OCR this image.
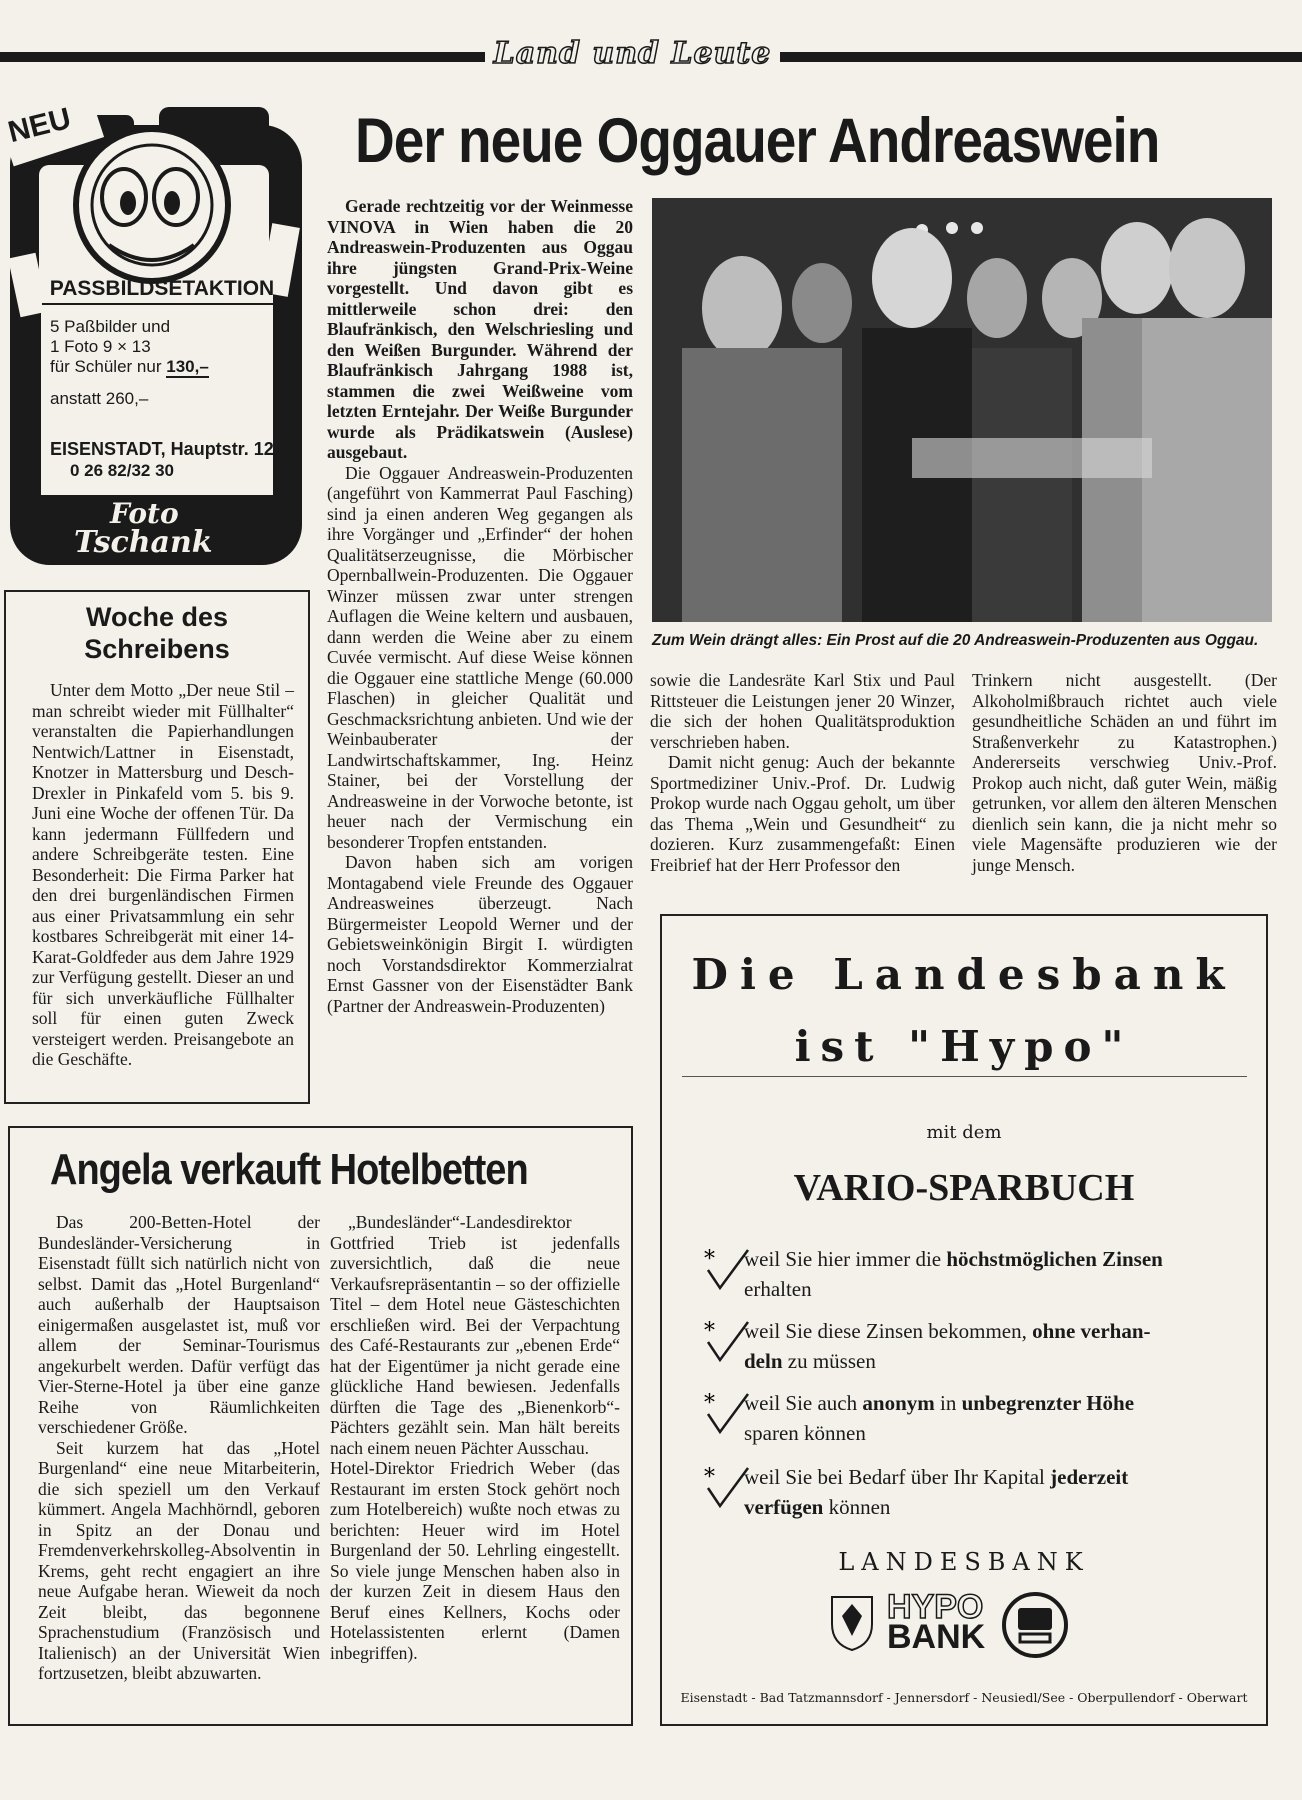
Land und Leute
NEU
PASSBILDSETAKTION
5 Paßbilder und
1 Foto 9 × 13
für Schüler nur 130,–
anstatt 260,–
EISENSTADT, Hauptstr. 12
0 26 82/32 30
Foto
Tschank
Woche des
Schreibens

Unter dem Motto „Der neue Stil – man schreibt wieder mit Füllhalter“ veranstalten die Papierhandlungen Nentwich/Lattner in Eisenstadt, Knotzer in Mattersburg und Desch-Drexler in Pinkafeld vom 5. bis 9. Juni eine Woche der offenen Tür. Da kann jedermann Füllfedern und andere Schreibgeräte testen. Eine Besonderheit: Die Firma Parker hat den drei burgenländischen Firmen aus einer Privatsammlung ein sehr kostbares Schreibgerät mit einer 14-Karat-Goldfeder aus dem Jahre 1929 zur Verfügung gestellt. Dieser an und für sich unverkäufliche Füllhalter soll für einen guten Zweck versteigert werden. Preisangebote an die Geschäfte.

Der neue Oggauer Andreaswein

Gerade rechtzeitig vor der Weinmesse VINOVA in Wien haben die 20 Andreaswein-Produzenten aus Oggau ihre jüngsten Grand-Prix-Weine vorgestellt. Und davon gibt es mittlerweile schon drei: den Blaufränkisch, den Welschriesling und den Weißen Burgunder. Während der Blaufränkisch Jahrgang 1988 ist, stammen die zwei Weißweine vom letzten Erntejahr. Der Weiße Burgunder wurde als Prädikatswein (Auslese) ausgebaut.

Die Oggauer Andreaswein-Produzenten (angeführt von Kammerrat Paul Fasching) sind ja einen anderen Weg gegangen als ihre Vorgänger und „Erfinder“ der hohen Qualitätserzeugnisse, die Mörbischer Opernballwein-Produzenten. Die Oggauer Winzer müssen zwar unter strengen Auflagen die Weine keltern und ausbauen, dann werden die Weine aber zu einem Cuvée vermischt. Auf diese Weise können die Oggauer eine stattliche Menge (60.000 Flaschen) in gleicher Qualität und Geschmacksrichtung anbieten. Und wie der Weinbauberater der Landwirtschaftskammer, Ing. Heinz Stainer, bei der Vorstellung der Andreasweine in der Vorwoche betonte, ist heuer nach der Vermischung ein besonderer Tropfen entstanden.

Davon haben sich am vorigen Montagabend viele Freunde des Oggauer Andreasweines überzeugt. Nach Bürgermeister Leopold Werner und der Gebietsweinkönigin Birgit I. würdigten noch Vorstandsdirektor Kommerzialrat Ernst Gassner von der Eisenstädter Bank (Partner der Andreaswein-Produzenten)

Zum Wein drängt alles: Ein Prost auf die 20 Andreaswein-Produzenten aus Oggau.

sowie die Landesräte Karl Stix und Paul Rittsteuer die Leistungen jener 20 Winzer, die sich der hohen Qualitätsproduktion verschrieben haben.

Damit nicht genug: Auch der bekannte Sportmediziner Univ.-Prof. Dr. Ludwig Prokop wurde nach Oggau geholt, um über das Thema „Wein und Gesundheit“ zu dozieren. Kurz zusammengefaßt: Einen Freibrief hat der Herr Professor den

Trinkern nicht ausgestellt. (Der Alkoholmißbrauch richtet auch viele gesundheitliche Schäden an und führt im Straßenverkehr zu Katastrophen.) Andererseits verschwieg Univ.-Prof. Prokop auch nicht, daß guter Wein, mäßig getrunken, vor allem den älteren Menschen dienlich sein kann, die ja nicht mehr so viele Magensäfte produzieren wie der junge Mensch.

Angela verkauft Hotelbetten

Das 200-Betten-Hotel der Bundesländer-Versicherung in Eisenstadt füllt sich natürlich nicht von selbst. Damit das „Hotel Burgenland“ auch außerhalb der Hauptsaison einigermaßen ausgelastet ist, muß vor allem der Seminar-Tourismus angekurbelt werden. Dafür verfügt das Vier-Sterne-Hotel ja über eine ganze Reihe von Räumlichkeiten verschiedener Größe.

Seit kurzem hat das „Hotel Burgenland“ eine neue Mitarbeiterin, die sich speziell um den Verkauf kümmert. Angela Machhörndl, geboren in Spitz an der Donau und Fremdenverkehrskolleg-Absolventin in Krems, geht recht engagiert an ihre neue Aufgabe heran. Wieweit da noch Zeit bleibt, das begonnene Sprachenstudium (Französisch und Italienisch) an der Universität Wien fortzusetzen, bleibt abzuwarten.

„Bundesländer“-Landesdirektor Gottfried Trieb ist jedenfalls zuversichtlich, daß die neue Verkaufsrepräsentantin – so der offizielle Titel – dem Hotel neue Gästeschichten erschließen wird. Bei der Verpachtung des Café-Restaurants zur „ebenen Erde“ hat der Eigentümer ja nicht gerade eine glückliche Hand bewiesen. Jedenfalls dürften die Tage des „Bienenkorb“-Pächters gezählt sein. Man hält bereits nach einem neuen Pächter Ausschau.

Hotel-Direktor Friedrich Weber (das Restaurant im ersten Stock gehört noch zum Hotelbereich) wußte noch etwas zu berichten: Heuer wird im Hotel Burgenland der 50. Lehrling eingestellt. So viele junge Menschen haben also in der kurzen Zeit in diesem Haus den Beruf eines Kellners, Kochs oder Hotelassistenten erlernt (Damen inbegriffen).

Die Landesbank
ist "Hypo"
mit dem
VARIO-SPARBUCH
* weil Sie hier immer die höchstmöglichen Zinsen
erhalten
* weil Sie diese Zinsen bekommen, ohne verhan-
deln zu müssen
* weil Sie auch anonym in unbegrenzter Höhe
sparen können
* weil Sie bei Bedarf über Ihr Kapital jederzeit
verfügen können
LANDESBANK
HYPO
BANK
Eisenstadt - Bad Tatzmannsdorf - Jennersdorf - Neusiedl/See - Oberpullendorf - Oberwart
